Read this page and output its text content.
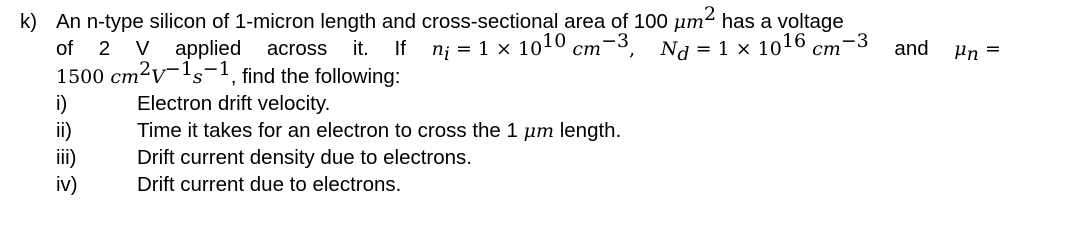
k) An n-type silicon of 1-micron length and cross-sectional area of 100 $\mu m^2$ has a voltage
of 2 V applied across it. If $n_i = 1 \times 10^{10}$ $cm^{-3}$, $N_d = 1 \times 10^{16}$ $cm^{-3}$ and $\mu_n$ =
1500 $cm^2V^{-1}s^{-1}$, find the following:
i)	Electron drift velocity.
ii)	Time it takes for an electron to cross the 1 μm length.
iii)	Drift current density due to electrons.
iv)	Drift current due to electrons.
